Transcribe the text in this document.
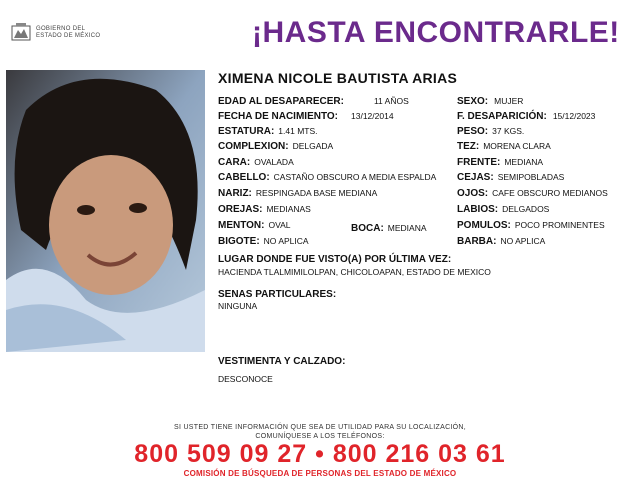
GOBIERNO DEL
ESTADO DE MÉXICO	¡HASTA ENCONTRARLE!
XIMENA NICOLE BAUTISTA ARIAS
EDAD AL DESAPARECER:	11 AÑOS
FECHA DE NACIMIENTO: 13/12/2014
ESTATURA: 1.41 MTS.
COMPLEXION: DELGADA
CARA: OVALADA
CABELLO: CASTAÑO OBSCURO A MEDIA ESPALDA
NARIZ: RESPINGADA BASE MEDIANA
OREJAS: MEDIANAS
MENTON: OVAL	BOCA: MEDIANA
BIGOTE: NO APLICA
SEXO: MUJER
F. DESAPARICIÓN: 15/12/2023
PESO: 37 KGS.
TEZ: MORENA CLARA
FRENTE: MEDIANA
CEJAS: SEMIPOBLADAS
OJOS: CAFE OBSCURO MEDIANOS
LABIOS: DELGADOS
POMULOS: POCO PROMINENTES
BARBA: NO APLICA
LUGAR DONDE FUE VISTO(A) POR ÚLTIMA VEZ:
HACIENDA TLALMIMILOLPAN, CHICOLOAPAN, ESTADO DE MEXICO
SENAS PARTICULARES:
NINGUNA
VESTIMENTA Y CALZADO:
DESCONOCE
SI USTED TIENE INFORMACIÓN QUE SEA DE UTILIDAD PARA SU LOCALIZACIÓN,
COMUNÍQUESE A LOS TELÉFONOS:
800 509 09 27 • 800 216 03 61
COMISIÓN DE BÚSQUEDA DE PERSONAS DEL ESTADO DE MÉXICO
